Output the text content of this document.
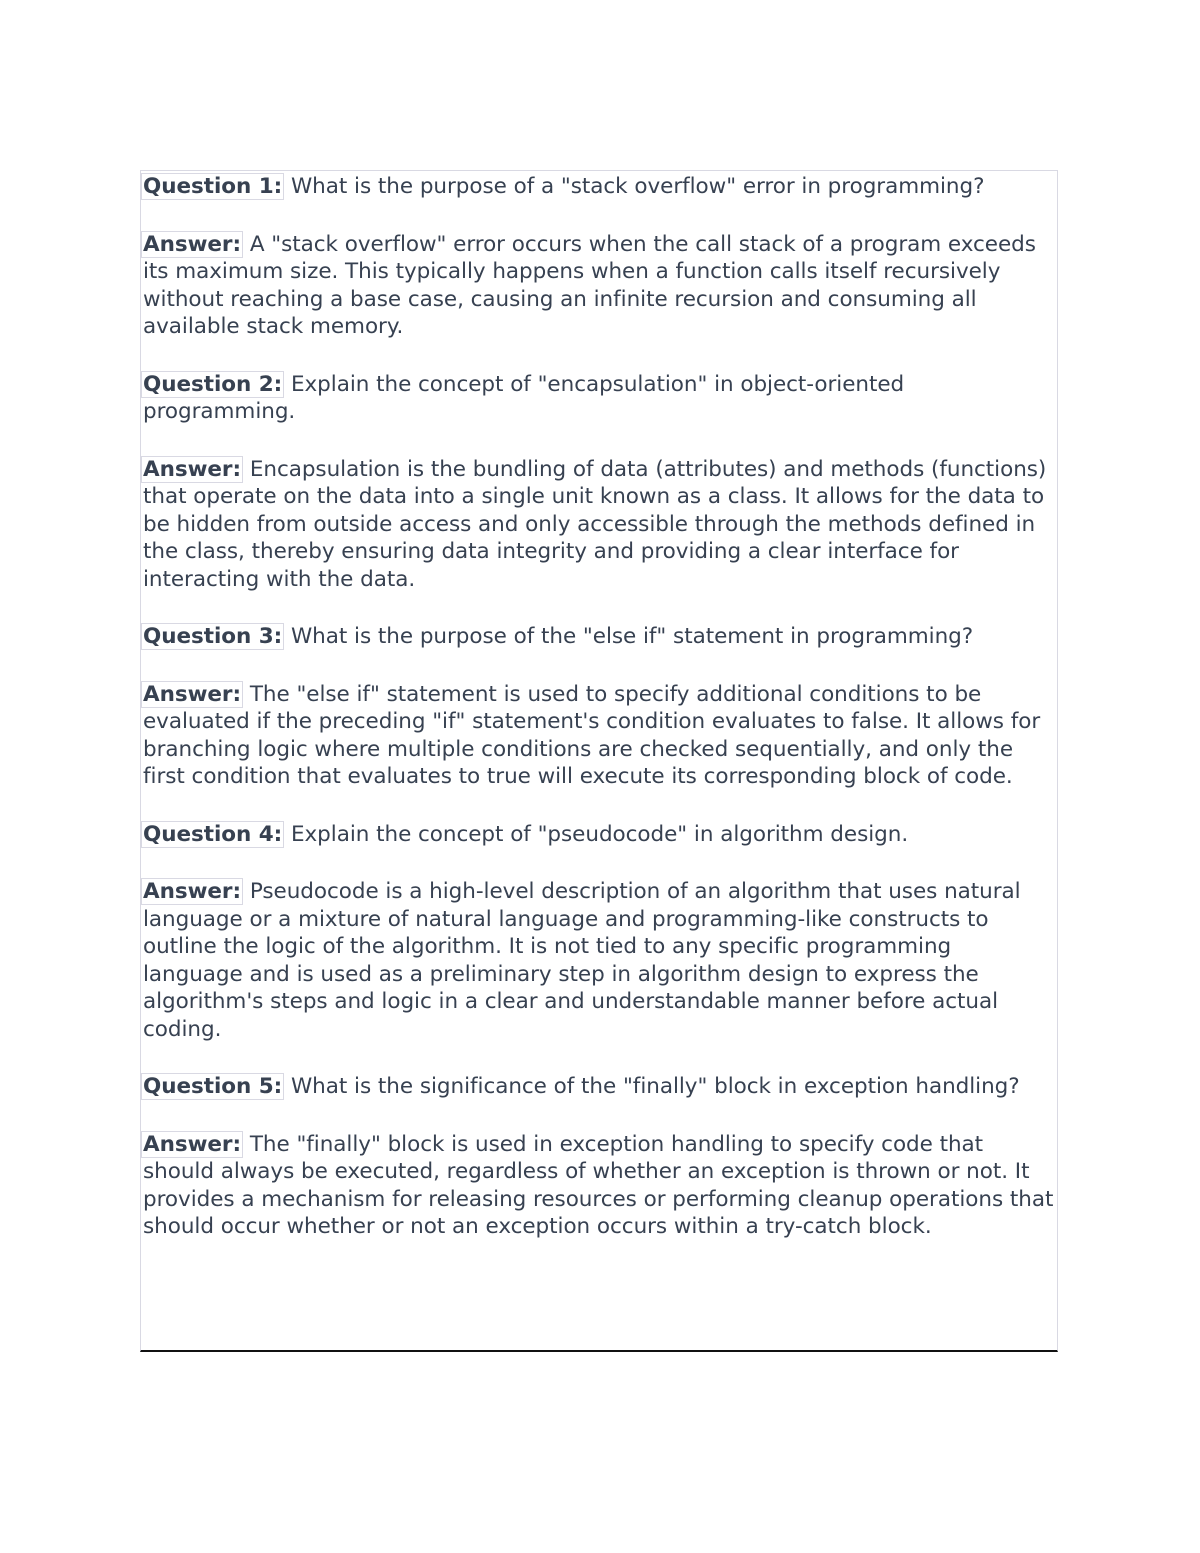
Question 1: What is the purpose of a "stack overflow" error in programming?

Answer: A "stack overflow" error occurs when the call stack of a program exceeds its maximum size. This typically happens when a function calls itself recursively without reaching a base case, causing an infinite recursion and consuming all available stack memory.

Question 2: Explain the concept of "encapsulation" in object-oriented programming.

Answer: Encapsulation is the bundling of data (attributes) and methods (functions) that operate on the data into a single unit known as a class. It allows for the data to be hidden from outside access and only accessible through the methods defined in the class, thereby ensuring data integrity and providing a clear interface for interacting with the data.

Question 3: What is the purpose of the "else if" statement in programming?

Answer: The "else if" statement is used to specify additional conditions to be evaluated if the preceding "if" statement's condition evaluates to false. It allows for branching logic where multiple conditions are checked sequentially, and only the first condition that evaluates to true will execute its corresponding block of code.

Question 4: Explain the concept of "pseudocode" in algorithm design.

Answer: Pseudocode is a high-level description of an algorithm that uses natural language or a mixture of natural language and programming-like constructs to outline the logic of the algorithm. It is not tied to any specific programming language and is used as a preliminary step in algorithm design to express the algorithm's steps and logic in a clear and understandable manner before actual coding.

Question 5: What is the significance of the "finally" block in exception handling?

Answer: The "finally" block is used in exception handling to specify code that should always be executed, regardless of whether an exception is thrown or not. It provides a mechanism for releasing resources or performing cleanup operations that should occur whether or not an exception occurs within a try-catch block.
